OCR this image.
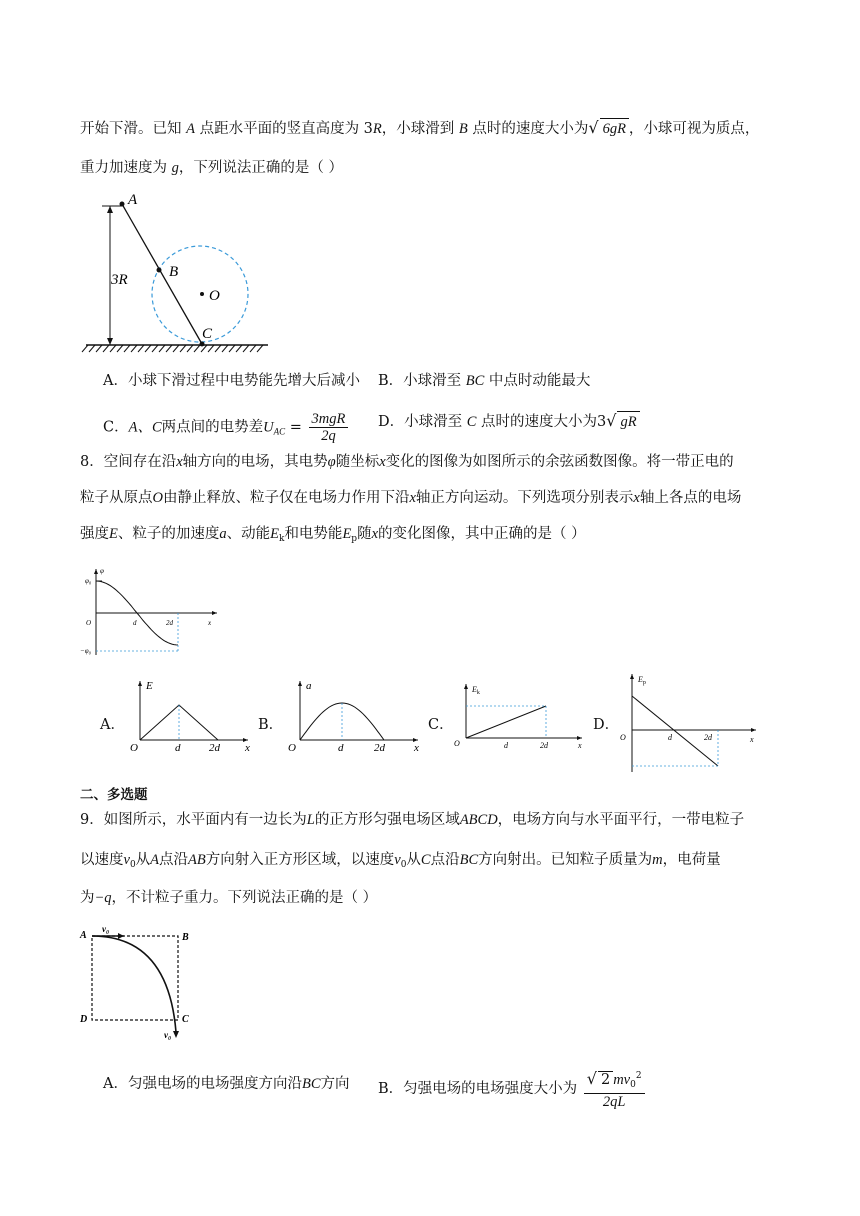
开始下滑。已知 A 点距水平面的竖直高度为 3R，小球滑到 B 点时的速度大小为√ 6gR ，小球可视为质点，
重力加速度为 g，下列说法正确的是（ ）
A
B
O
C
3R
A．小球下滑过程中电势能先增大后减小 B．小球滑至 BC 中点时动能最大
C．A、C两点间的电势差$U_{AC} = \frac{\text{3mgR}}{2q}$ D．小球滑至 C 点时的速度大小为3√ gR
8．空间存在沿x轴方向的电场，其电势φ随坐标x变化的图像为如图所示的余弦函数图像。将一带正电的
粒子从原点O由静止释放、粒子仅在电场力作用下沿x轴正方向运动。下列选项分别表示x轴上各点的电场
强度E、粒子的加速度a、动能$E_k$和电势能$E_p$随x的变化图像，其中正确的是（ ）
φ
φ₀
−φ₀
O	d	2d	x
A．
E
O	d	2d x
B．
a
O	d	2d	x
C．
$E_k$
O	d	2d	x
D．
$E_p$
O	d	2d	x
二、多选题
9．如图所示，水平面内有一边长为L的正方形匀强电场区域ABCD，电场方向与水平面平行，一带电粒子
以速度$v_0$从A点沿AB方向射入正方形区域，以速度$v_0$从C点沿BC方向射出。已知粒子质量为m，电荷量
为−q，不计粒子重力。下列说法正确的是（ ）
A
v₀
B
D	C
v₀
A．匀强电场的电场强度方向沿BC方向 B．匀强电场的电场强度大小为 $\frac{√ 2 mv_0^2}{2qL}$
